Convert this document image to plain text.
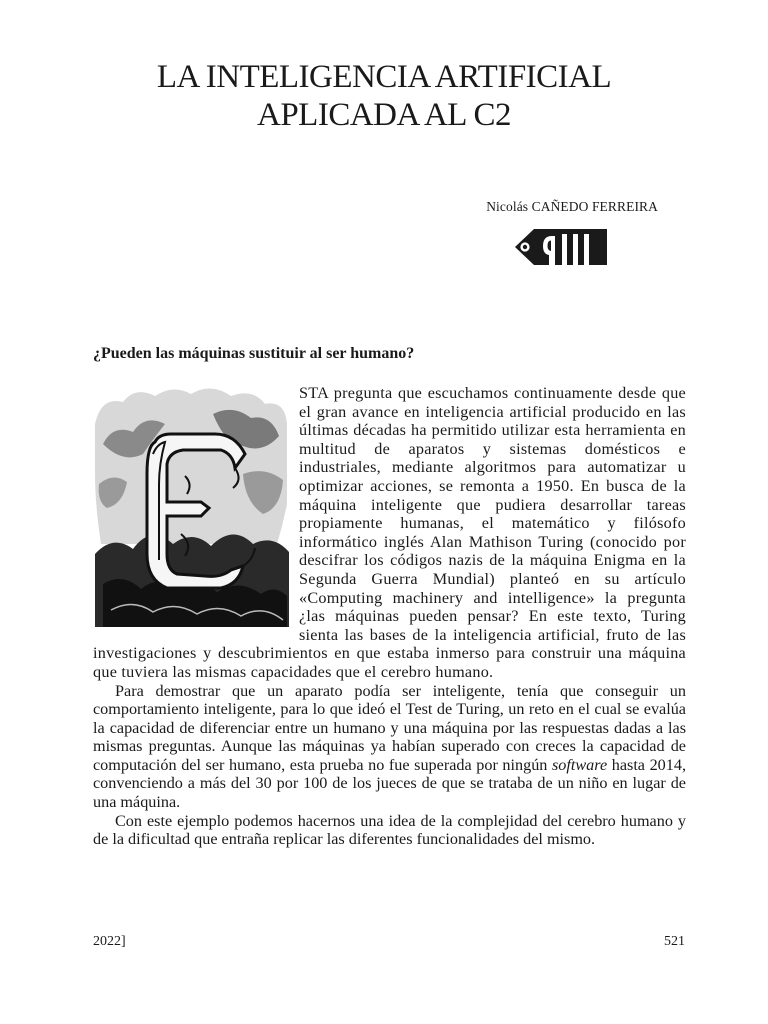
LA INTELIGENCIA ARTIFICIAL
APLICADA AL C2
Nicolás CAÑEDO FERREIRA
¿Pueden las máquinas sustituir al ser humano?

STA pregunta que escuchamos continuamente desde que el gran avance en inteligencia artificial producido en las últimas décadas ha permitido utilizar esta herramienta en multitud de aparatos y sistemas domésticos e industriales, mediante algoritmos para automatizar u optimizar acciones, se remonta a 1950. En busca de la máquina inteligente que pudiera desarrollar tareas propiamente humanas, el matemático y filósofo informático inglés Alan Mathison Turing (conocido por descifrar los códigos nazis de la máquina Enigma en la Segunda Guerra Mundial) planteó en su artículo «Computing machinery and intelligence» la pregunta ¿las máquinas pueden pensar? En este texto, Turing sienta las bases de la inteligencia artificial, fruto de las investigaciones y descubrimientos en que estaba inmerso para construir una máquina que tuviera las mismas capacidades que el cerebro humano.

Para demostrar que un aparato podía ser inteligente, tenía que conseguir un comportamiento inteligente, para lo que ideó el Test de Turing, un reto en el cual se evalúa la capacidad de diferenciar entre un humano y una máquina por las respuestas dadas a las mismas preguntas. Aunque las máquinas ya habían superado con creces la capacidad de computación del ser humano, esta prueba no fue superada por ningún software hasta 2014, convenciendo a más del 30 por 100 de los jueces de que se trataba de un niño en lugar de una máquina.

Con este ejemplo podemos hacernos una idea de la complejidad del cerebro humano y de la dificultad que entraña replicar las diferentes funcionalidades del mismo.

2022]	521
